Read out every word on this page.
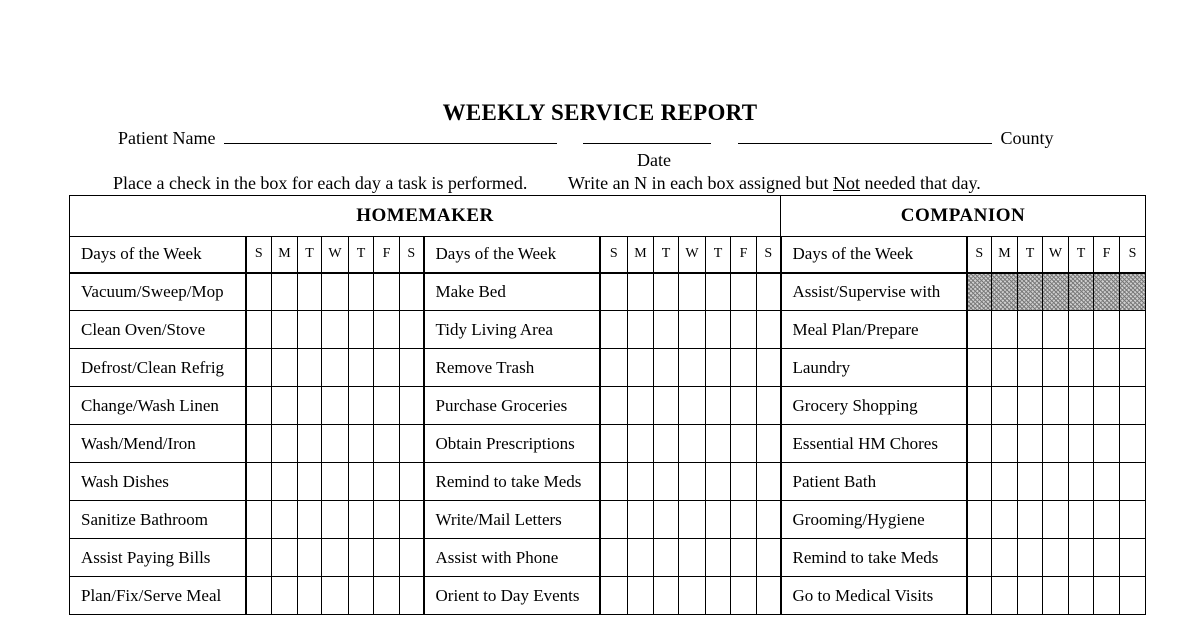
WEEKLY SERVICE REPORT
Patient Name	County
Date
Place a check in the box for each day a task is performed. Write an N in each box assigned but Not needed that day.
HOMEMAKER																COMPANION							
Days of the Week	S	M	T	W	T	F	S	Days of the Week	S	M	T	W	T	F	S	Days of the Week	S	M	T	W	T	F	S
Vacuum/Sweep/Mop								Make Bed								Assist/Supervise with							
Clean Oven/Stove								Tidy Living Area								Meal Plan/Prepare							
Defrost/Clean Refrig								Remove Trash								Laundry							
Change/Wash Linen								Purchase Groceries								Grocery Shopping							
Wash/Mend/Iron								Obtain Prescriptions								Essential HM Chores							
Wash Dishes								Remind to take Meds								Patient Bath							
Sanitize Bathroom								Write/Mail Letters								Grooming/Hygiene							
Assist Paying Bills								Assist with Phone								Remind to take Meds							
Plan/Fix/Serve Meal								Orient to Day Events								Go to Medical Visits							
